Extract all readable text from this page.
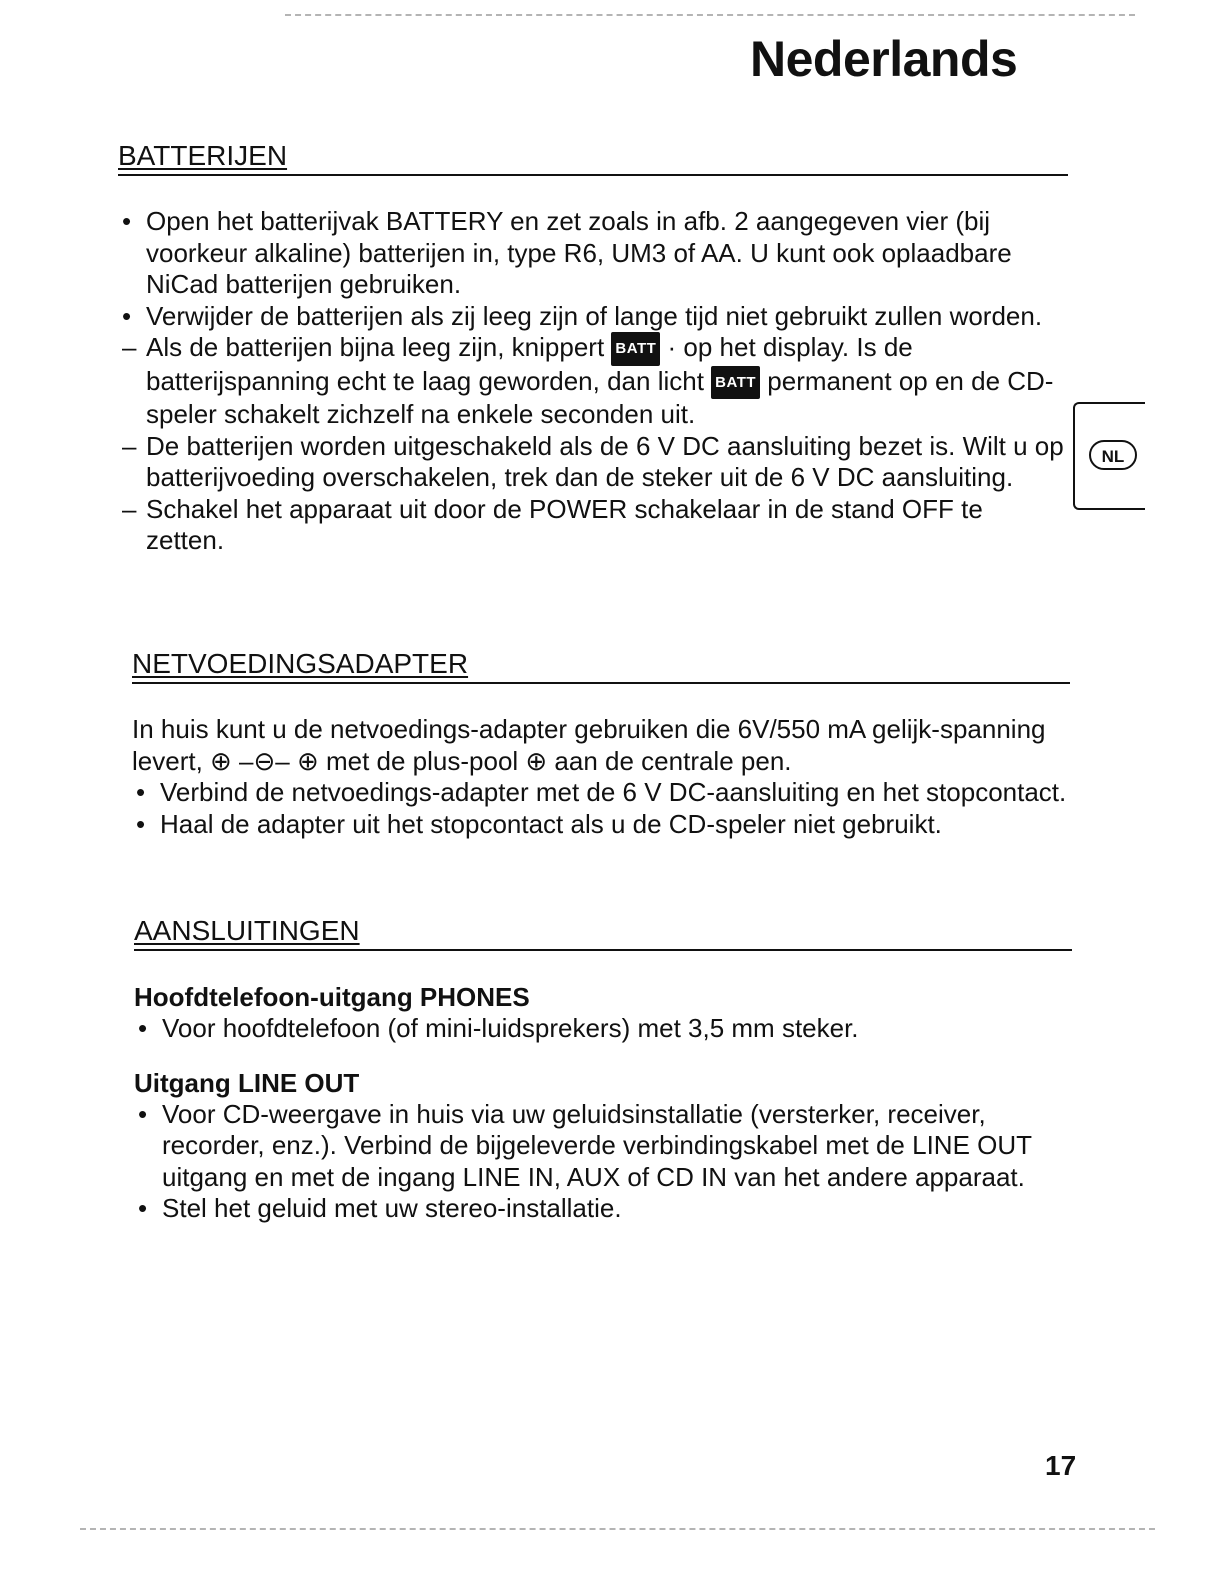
Nederlands
NL
BATTERIJEN
• Open het batterijvak BATTERY en zet zoals in afb. 2 aangegeven vier (bij voorkeur alkaline) batterijen in, type R6, UM3 of AA. U kunt ook oplaadbare NiCad batterijen gebruiken.
• Verwijder de batterijen als zij leeg zijn of lange tijd niet gebruikt zullen worden.
– Als de batterijen bijna leeg zijn, knippert BATT · op het display. Is de batterijspanning echt te laag geworden, dan licht BATT permanent op en de CD-speler schakelt zichzelf na enkele seconden uit.
– De batterijen worden uitgeschakeld als de 6 V DC aansluiting bezet is. Wilt u op batterijvoeding overschakelen, trek dan de steker uit de 6 V DC aansluiting.
– Schakel het apparaat uit door de POWER schakelaar in de stand OFF te zetten.
NETVOEDINGSADAPTER

In huis kunt u de netvoedings-adapter gebruiken die 6V/550 mA gelijk-spanning levert, ⊕ –⊖– ⊕ met de plus-pool ⊕ aan de centrale pen.

• Verbind de netvoedings-adapter met de 6 V DC-aansluiting en het stopcontact.
• Haal de adapter uit het stopcontact als u de CD-speler niet gebruikt.
AANSLUITINGEN
Hoofdtelefoon-uitgang PHONES
• Voor hoofdtelefoon (of mini-luidsprekers) met 3,5 mm steker.
Uitgang LINE OUT
• Voor CD-weergave in huis via uw geluidsinstallatie (versterker, receiver, recorder, enz.). Verbind de bijgeleverde verbindingskabel met de LINE OUT uitgang en met de ingang LINE IN, AUX of CD IN van het andere apparaat.
• Stel het geluid met uw stereo-installatie.
17
